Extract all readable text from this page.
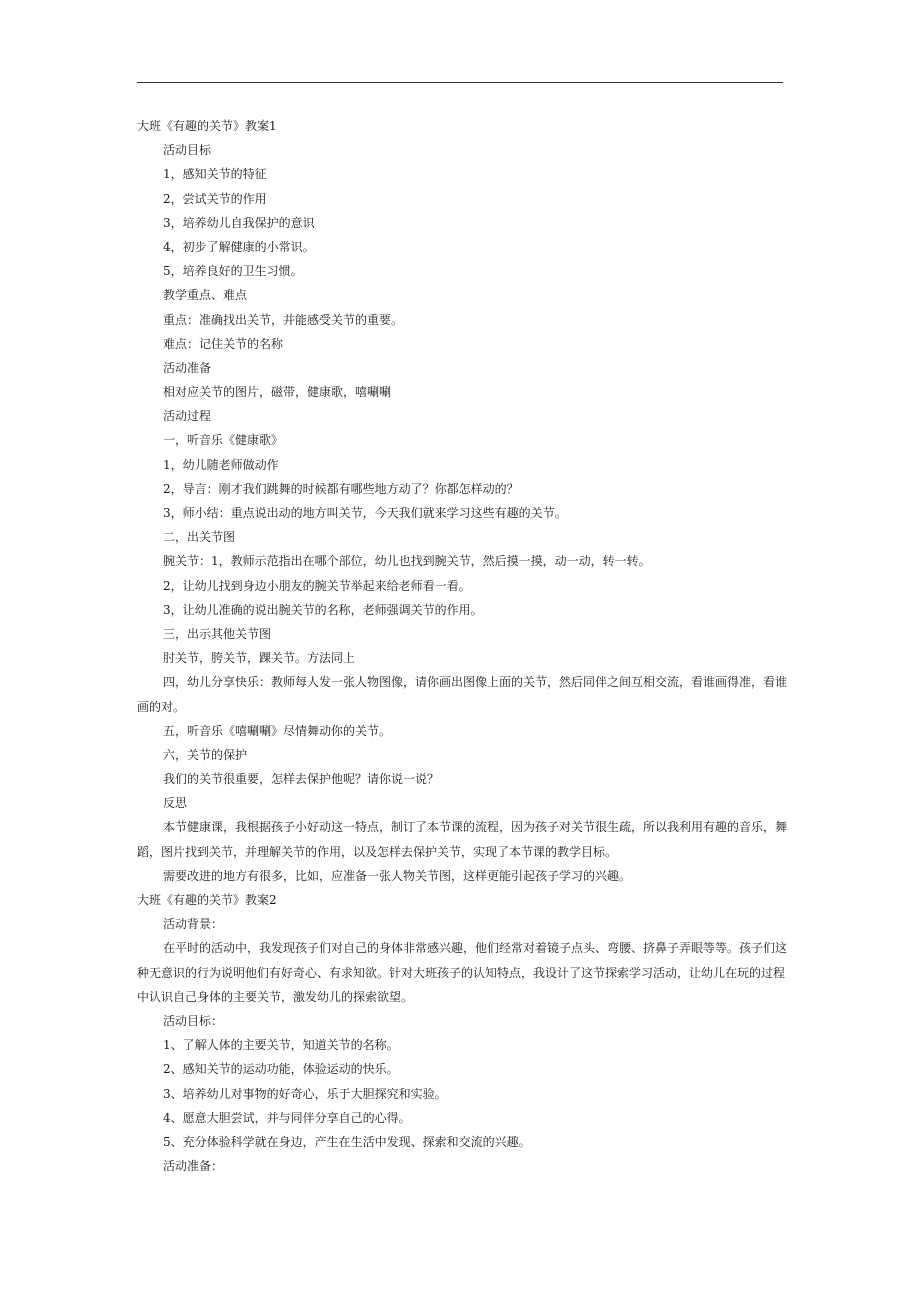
大班《有趣的关节》教案1
活动目标
1，感知关节的特征
2，尝试关节的作用
3，培养幼儿自我保护的意识
4，初步了解健康的小常识。
5，培养良好的卫生习惯。
教学重点、难点
重点：准确找出关节，并能感受关节的重要。
难点：记住关节的名称
活动准备
相对应关节的图片，磁带，健康歌，嘻唰唰
活动过程
一，听音乐《健康歌》
1，幼儿随老师做动作
2，导言：刚才我们跳舞的时候都有哪些地方动了？你都怎样动的？
3，师小结：重点说出动的地方叫关节，今天我们就来学习这些有趣的关节。
二，出关节图
腕关节：1，教师示范指出在哪个部位，幼儿也找到腕关节，然后摸一摸，动一动，转一转。
2，让幼儿找到身边小朋友的腕关节举起来给老师看一看。
3，让幼儿准确的说出腕关节的名称，老师强调关节的作用。
三，出示其他关节图
肘关节，胯关节，踝关节。方法同上
四，幼儿分享快乐：教师每人发一张人物图像，请你画出图像上面的关节，然后同伴之间互相交流，看谁画得准，看谁画的对。
五，听音乐《嘻唰唰》尽情舞动你的关节。
六，关节的保护
我们的关节很重要，怎样去保护他呢？请你说一说？
反思
本节健康课，我根据孩子小好动这一特点，制订了本节课的流程，因为孩子对关节很生疏，所以我利用有趣的音乐，舞蹈，图片找到关节，并理解关节的作用，以及怎样去保护关节，实现了本节课的教学目标。
需要改进的地方有很多，比如，应准备一张人物关节图，这样更能引起孩子学习的兴趣。
大班《有趣的关节》教案2
活动背景：
在平时的活动中，我发现孩子们对自己的身体非常感兴趣，他们经常对着镜子点头、弯腰、挤鼻子弄眼等等。孩子们这种无意识的行为说明他们有好奇心、有求知欲。针对大班孩子的认知特点，我设计了这节探索学习活动，让幼儿在玩的过程中认识自己身体的主要关节，激发幼儿的探索欲望。
活动目标：
1、了解人体的主要关节，知道关节的名称。
2、感知关节的运动功能，体验运动的快乐。
3、培养幼儿对事物的好奇心，乐于大胆探究和实验。
4、愿意大胆尝试，并与同伴分享自己的心得。
5、充分体验科学就在身边，产生在生活中发现、探索和交流的兴趣。
活动准备：
